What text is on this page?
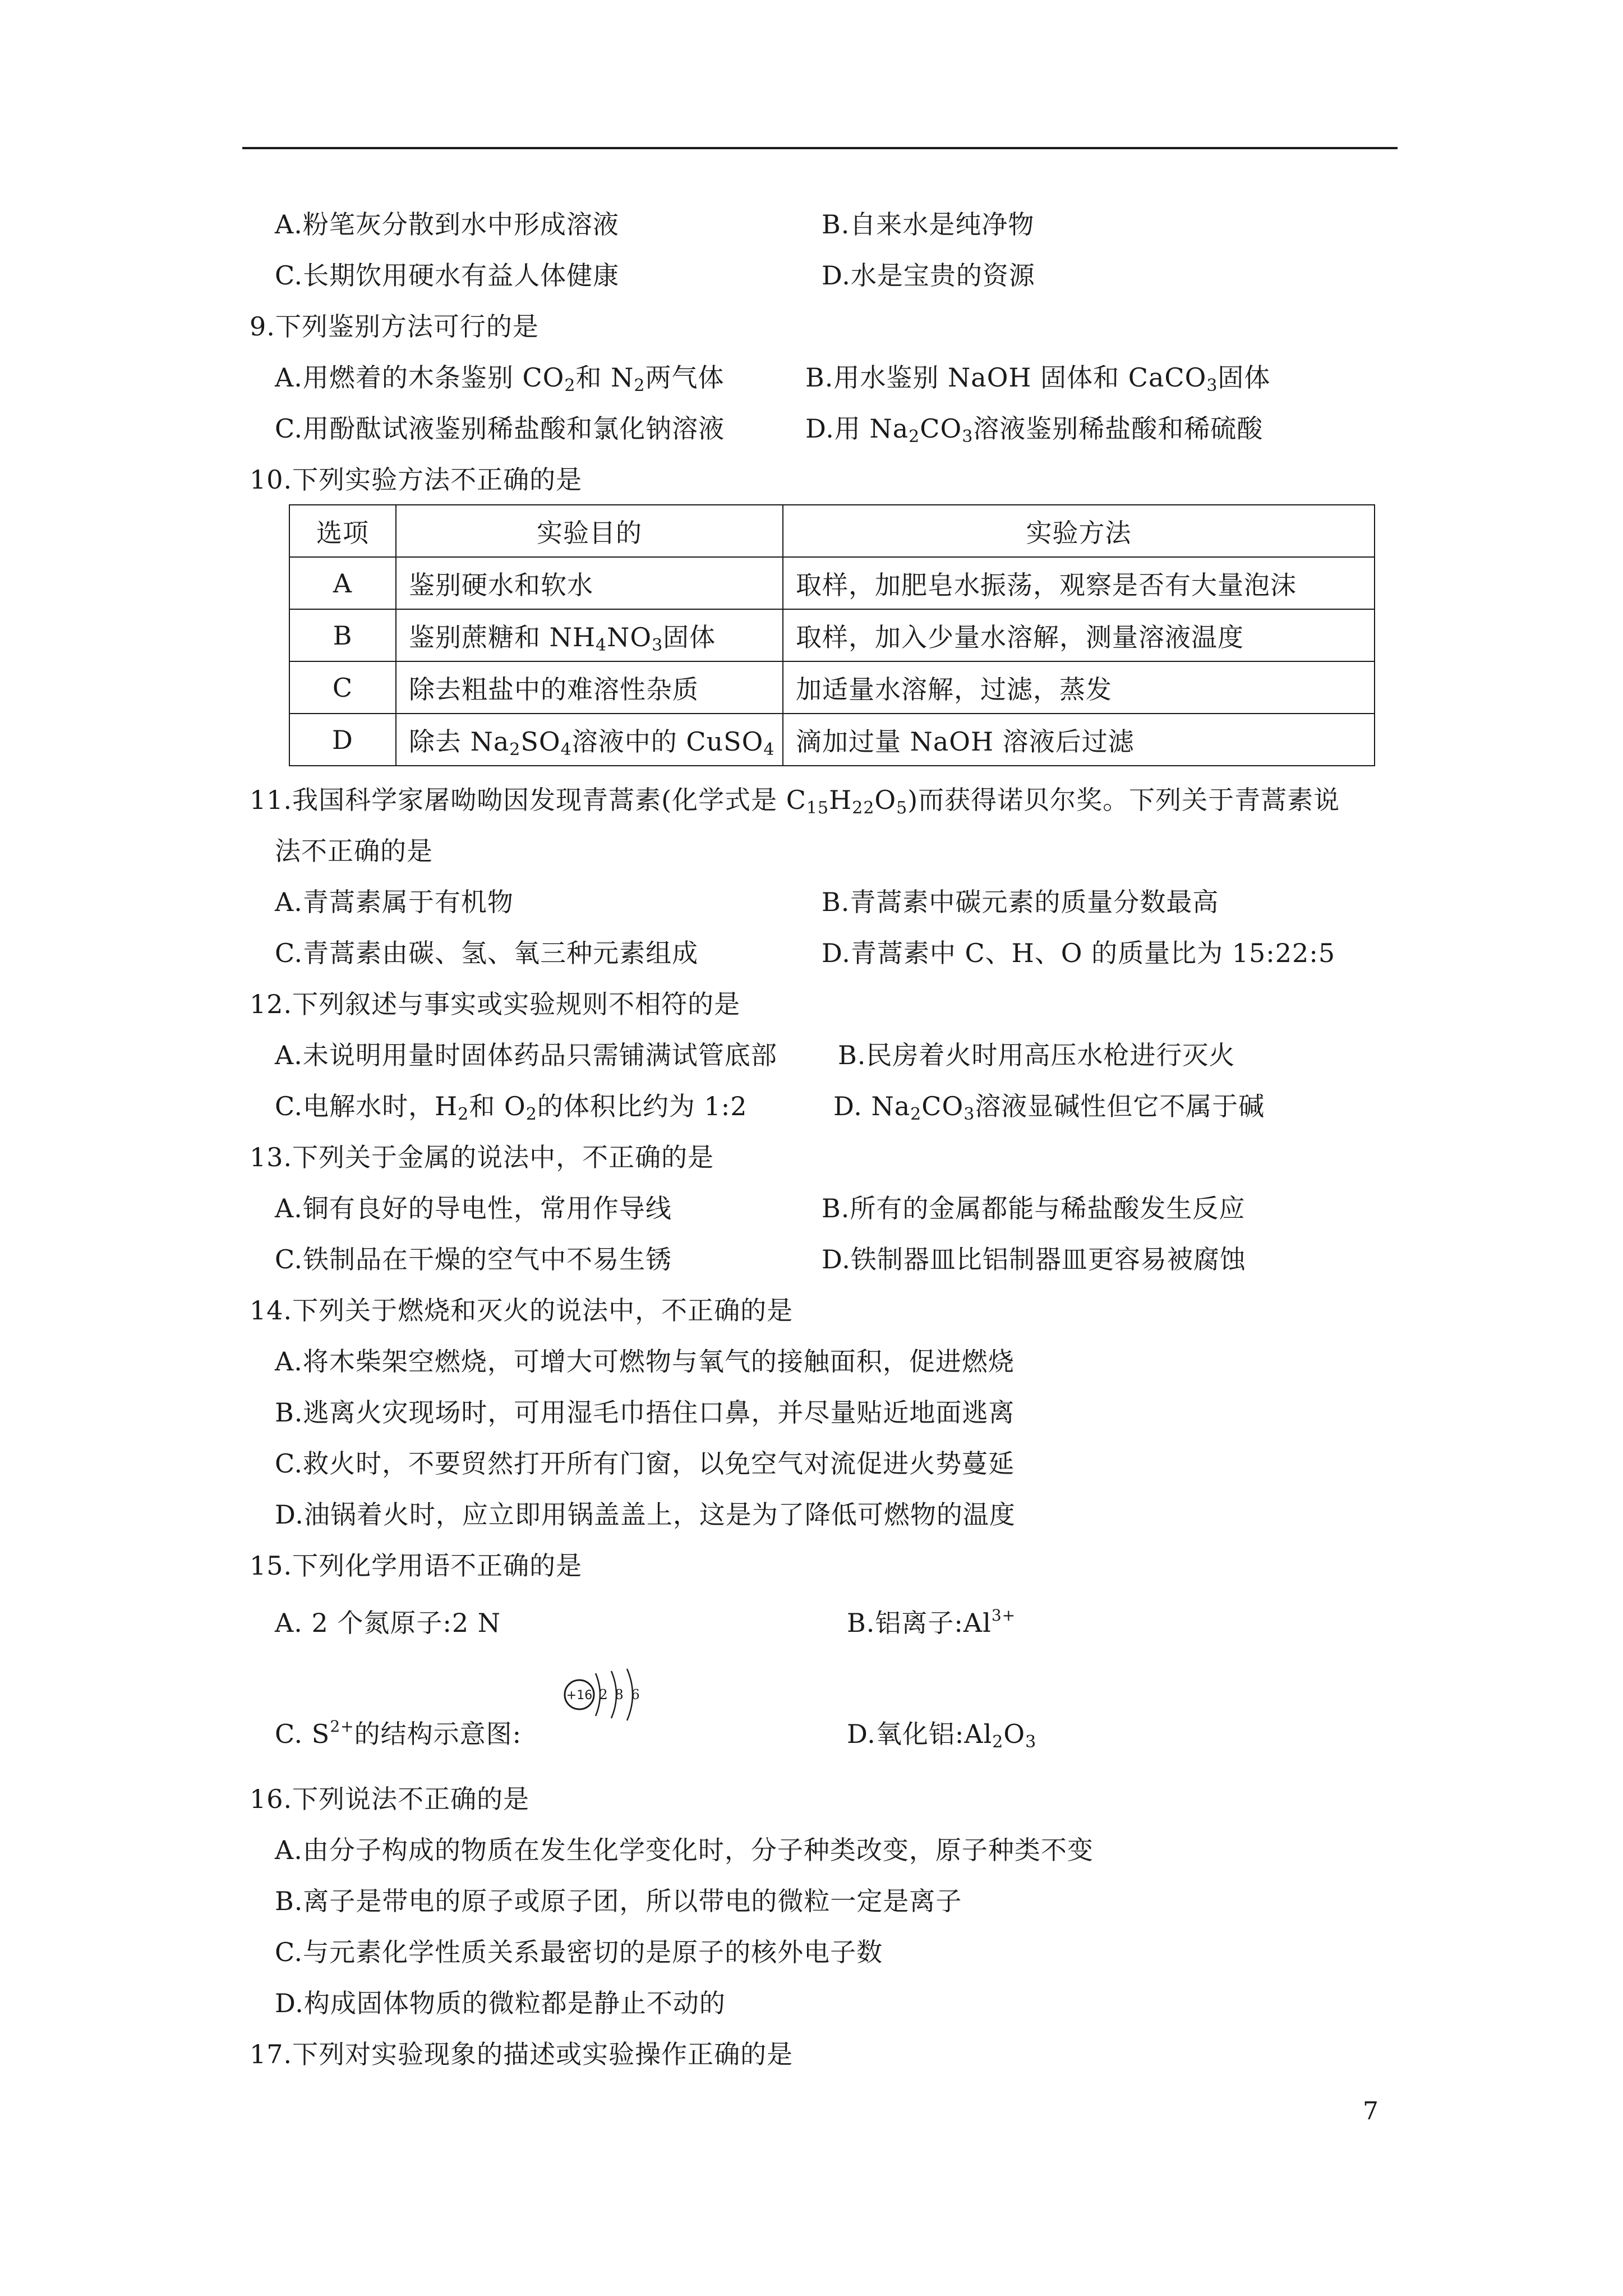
A.粉笔灰分散到水中形成溶液	B.自来水是纯净物
C.长期饮用硬水有益人体健康	D.水是宝贵的资源
9.下列鉴别方法可行的是
A.用燃着的木条鉴别 $CO_2$和 $N_2$两气体	B.用水鉴别 NaOH 固体和 CaCO$_3$固体
C.用酚酞试液鉴别稀盐酸和氯化钠溶液	D.用 $Na_2CO_3$溶液鉴别稀盐酸和稀硫酸
10.下列实验方法不正确的是
选项	实验目的	实验方法
A	鉴别硬水和软水	取样，加肥皂水振荡，观察是否有大量泡沫
B	鉴别蔗糖和 $NH_4NO_3$固体	取样，加入少量水溶解，测量溶液温度
C	除去粗盐中的难溶性杂质	加适量水溶解，过滤，蒸发
D	除去 $Na_2SO_4$溶液中的 CuSO$_4$	滴加过量 NaOH 溶液后过滤
11.我国科学家屠呦呦因发现青蒿素(化学式是 $C_{15}H_{22}O_5$)而获得诺贝尔奖。下列关于青蒿素说
法不正确的是
A.青蒿素属于有机物	B.青蒿素中碳元素的质量分数最高
C.青蒿素由碳、氢、氧三种元素组成	D.青蒿素中 C、H、O 的质量比为 15:22:5
12.下列叙述与事实或实验规则不相符的是
A.未说明用量时固体药品只需铺满试管底部 B.民房着火时用高压水枪进行灭火
C.电解水时，$H_2$和 $O_2$的体积比约为 1:2	D. $Na_2CO_3$溶液显碱性但它不属于碱
13.下列关于金属的说法中，不正确的是
A.铜有良好的导电性，常用作导线	B.所有的金属都能与稀盐酸发生反应
C.铁制品在干燥的空气中不易生锈	D.铁制器皿比铝制器皿更容易被腐蚀
14.下列关于燃烧和灭火的说法中，不正确的是
A.将木柴架空燃烧，可增大可燃物与氧气的接触面积，促进燃烧
B.逃离火灾现场时，可用湿毛巾捂住口鼻，并尽量贴近地面逃离
C.救火时，不要贸然打开所有门窗，以免空气对流促进火势蔓延
D.油锅着火时，应立即用锅盖盖上，这是为了降低可燃物的温度
15.下列化学用语不正确的是
A. 2 个氮原子:2 N	B.铝离子$:Al^{3+}$
C. $S^{2+}$的结构示意图:
+16 2 8 6
D.氧化铝$:Al_2O_3$
16.下列说法不正确的是
A.由分子构成的物质在发生化学变化时，分子种类改变，原子种类不变
B.离子是带电的原子或原子团，所以带电的微粒一定是离子
C.与元素化学性质关系最密切的是原子的核外电子数
D.构成固体物质的微粒都是静止不动的
17.下列对实验现象的描述或实验操作正确的是
7
